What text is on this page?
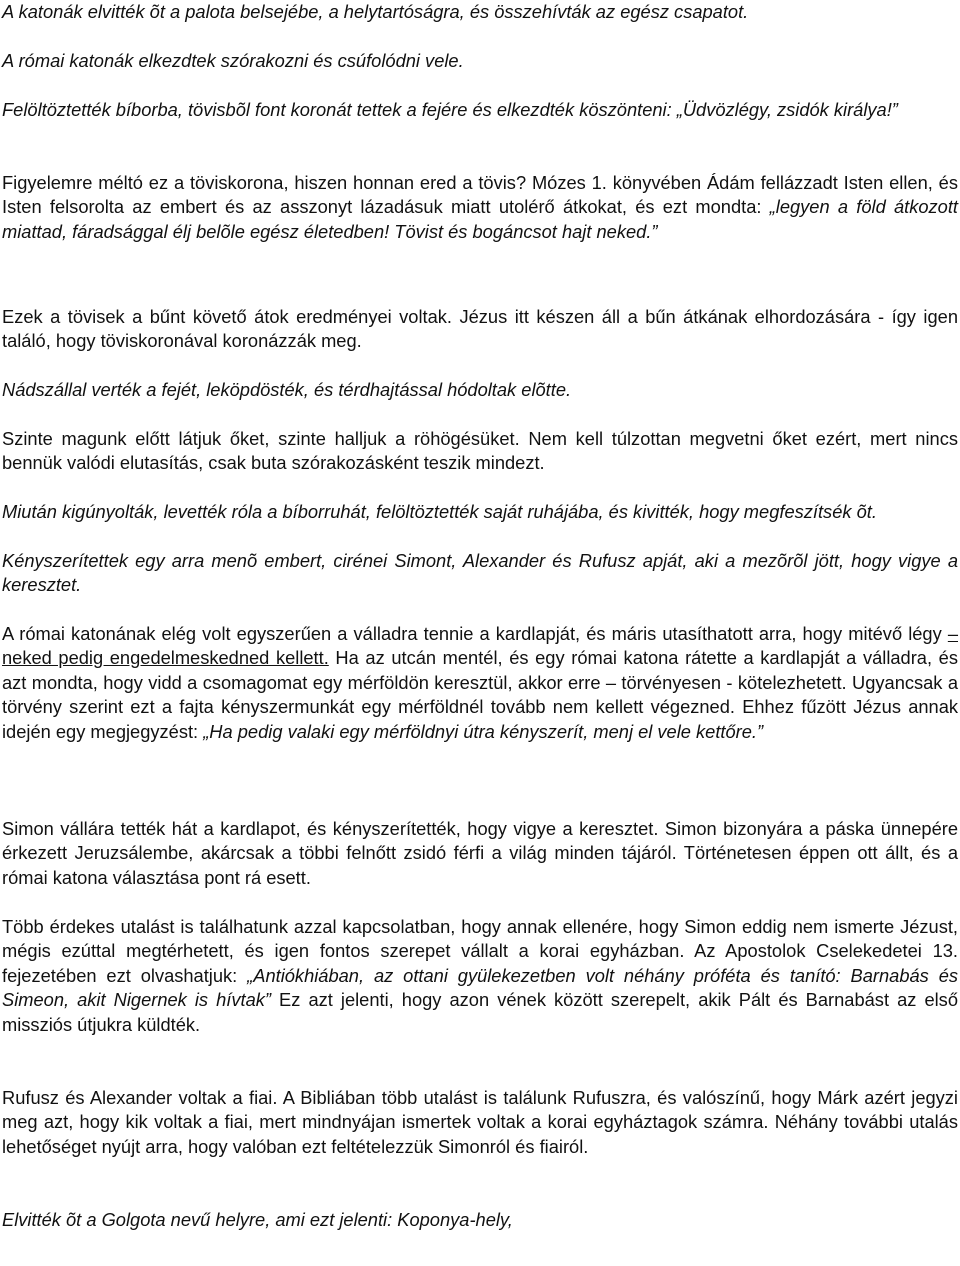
A katonák elvitték õt a palota belsejébe, a helytartóságra, és összehívták az egész csapatot.

A római katonák elkezdtek szórakozni és csúfolódni vele.

Felöltöztették bíborba, tövisbõl font koronát tettek a fejére és elkezdték köszönteni: „Üdvözlégy, zsidók királya!”

Figyelemre méltó ez a töviskorona, hiszen honnan ered a tövis? Mózes 1. könyvében Ádám fellázzadt Isten ellen, és Isten felsorolta az embert és az asszonyt lázadásuk miatt utolérő átkokat, és ezt mondta: „legyen a föld átkozott miattad, fáradsággal élj belõle egész életedben! Tövist és bogáncsot hajt neked.”

Ezek a tövisek a bűnt követő átok eredményei voltak. Jézus itt készen áll a bűn átkának elhordozására - így igen találó, hogy töviskoronával koronázzák meg.

Nádszállal verték a fejét, leköpdösték, és térdhajtással hódoltak elõtte.

Szinte magunk előtt látjuk őket, szinte halljuk a röhögésüket. Nem kell túlzottan megvetni őket ezért, mert nincs bennük valódi elutasítás, csak buta szórakozásként teszik mindezt.

Miután kigúnyolták, levették róla a bíborruhát, felöltöztették saját ruhájába, és kivitték, hogy megfeszítsék õt.

Kényszerítettek egy arra menõ embert, cirénei Simont, Alexander és Rufusz apját, aki a mezõrõl jött, hogy vigye a keresztet.

A római katonának elég volt egyszerűen a válladra tennie a kardlapját, és máris utasíthatott arra, hogy mitévő légy – neked pedig engedelmeskedned kellett. Ha az utcán mentél, és egy római katona rátette a kardlapját a válladra, és azt mondta, hogy vidd a csomagomat egy mérföldön keresztül, akkor erre – törvényesen - kötelezhetett. Ugyancsak a törvény szerint ezt a fajta kényszermunkát egy mérföldnél tovább nem kellett végezned. Ehhez fűzött Jézus annak idején egy megjegyzést: „Ha pedig valaki egy mérföldnyi útra kényszerít, menj el vele kettőre.”

Simon vállára tették hát a kardlapot, és kényszerítették, hogy vigye a keresztet. Simon bizonyára a páska ünnepére érkezett Jeruzsálembe, akárcsak a többi felnőtt zsidó férfi a világ minden tájáról. Történetesen éppen ott állt, és a római katona választása pont rá esett.

Több érdekes utalást is találhatunk azzal kapcsolatban, hogy annak ellenére, hogy Simon eddig nem ismerte Jézust, mégis ezúttal megtérhetett, és igen fontos szerepet vállalt a korai egyházban. Az Apostolok Cselekedetei 13. fejezetében ezt olvashatjuk: „Antiókhiában, az ottani gyülekezetben volt néhány próféta és tanító: Barnabás és Simeon, akit Nigernek is hívtak” Ez azt jelenti, hogy azon vének között szerepelt, akik Pált és Barnabást az első missziós útjukra küldték.

Rufusz és Alexander voltak a fiai. A Bibliában több utalást is találunk Rufuszra, és valószínű, hogy Márk azért jegyzi meg azt, hogy kik voltak a fiai, mert mindnyájan ismertek voltak a korai egyháztagok számra. Néhány további utalás lehetőséget nyújt arra, hogy valóban ezt feltételezzük Simonról és fiairól.

Elvitték õt a Golgota nevű helyre, ami ezt jelenti: Koponya-hely,
